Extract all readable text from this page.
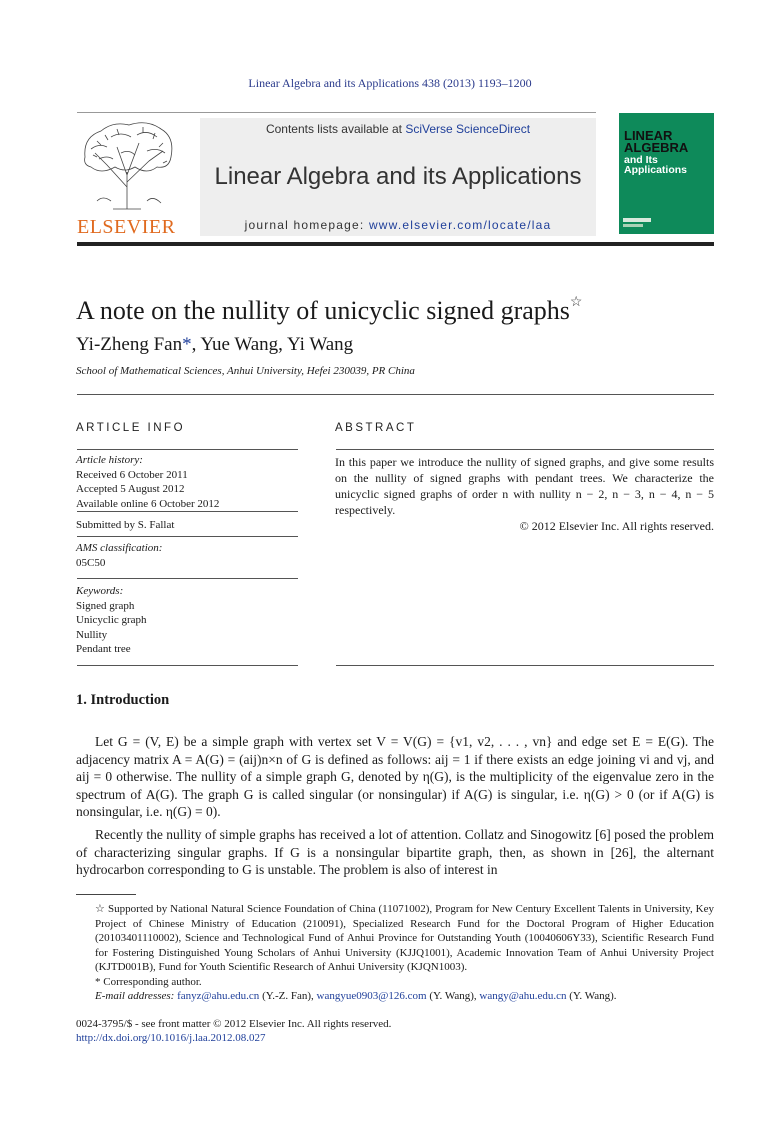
Linear Algebra and its Applications 438 (2013) 1193–1200
ELSEVIER
Contents lists available at SciVerse ScienceDirect
Linear Algebra and its Applications
journal homepage: www.elsevier.com/locate/laa
LINEAR
ALGEBRA
and Its
Applications
A note on the nullity of unicyclic signed graphs☆
Yi-Zheng Fan*, Yue Wang, Yi Wang
School of Mathematical Sciences, Anhui University, Hefei 230039, PR China
ARTICLE INFO	ABSTRACT
Article history:
Received 6 October 2011
Accepted 5 August 2012
Available online 6 October 2012
Submitted by S. Fallat
AMS classification:
05C50
Keywords:
Signed graph
Unicyclic graph
Nullity
Pendant tree
In this paper we introduce the nullity of signed graphs, and give some results on the nullity of signed graphs with pendant trees. We characterize the unicyclic signed graphs of order n with nullity n − 2, n − 3, n − 4, n − 5 respectively.
© 2012 Elsevier Inc. All rights reserved.
1. Introduction

Let G = (V, E) be a simple graph with vertex set V = V(G) = {v1, v2, . . . , vn} and edge set E = E(G). The adjacency matrix A = A(G) = (aij)n×n of G is defined as follows: aij = 1 if there exists an edge joining vi and vj, and aij = 0 otherwise. The nullity of a simple graph G, denoted by η(G), is the multiplicity of the eigenvalue zero in the spectrum of A(G). The graph G is called singular (or nonsingular) if A(G) is singular, i.e. η(G) > 0 (or if A(G) is nonsingular, i.e. η(G) = 0).

Recently the nullity of simple graphs has received a lot of attention. Collatz and Sinogowitz [6] posed the problem of characterizing singular graphs. If G is a nonsingular bipartite graph, then, as shown in [26], the alternant hydrocarbon corresponding to G is unstable. The problem is also of interest in

☆ Supported by National Natural Science Foundation of China (11071002), Program for New Century Excellent Talents in University, Key Project of Chinese Ministry of Education (210091), Specialized Research Fund for the Doctoral Program of Higher Education (20103401110002), Science and Technological Fund of Anhui Province for Outstanding Youth (10040606Y33), Scientific Research Fund for Fostering Distinguished Young Scholars of Anhui University (KJJQ1001), Academic Innovation Team of Anhui University Project (KJTD001B), Fund for Youth Scientific Research of Anhui University (KJQN1003).

* Corresponding author.

E-mail addresses: fanyz@ahu.edu.cn (Y.-Z. Fan), wangyue0903@126.com (Y. Wang), wangy@ahu.edu.cn (Y. Wang).

0024-3795/$ - see front matter © 2012 Elsevier Inc. All rights reserved.
http://dx.doi.org/10.1016/j.laa.2012.08.027
